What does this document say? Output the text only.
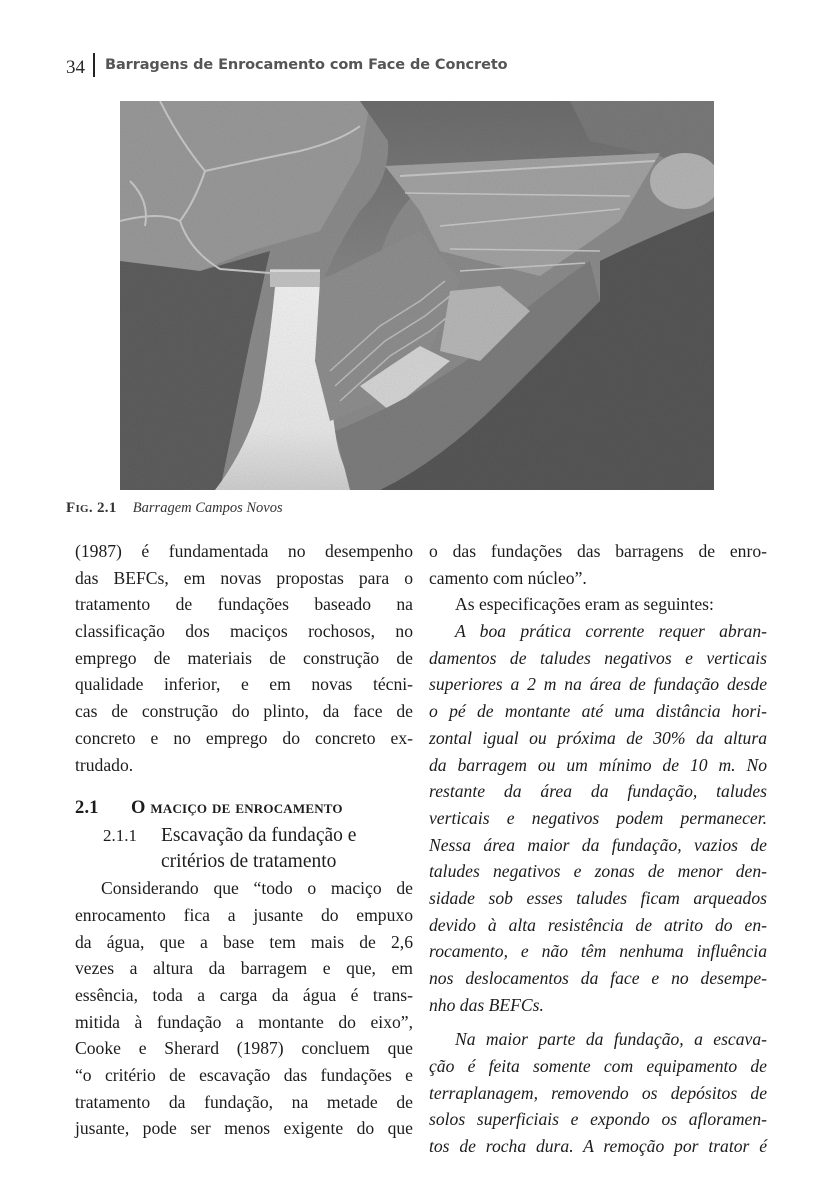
34 Barragens de Enrocamento com Face de Concreto
Fig. 2.1 Barragem Campos Novos
(1987) é fundamentada no desempenho
das BEFCs, em novas propostas para o
tratamento de fundações baseado na
classificação dos maciços rochosos, no
emprego de materiais de construção de
qualidade inferior, e em novas técni-
cas de construção do plinto, da face de
concreto e no emprego do concreto ex-
trudado.
2.1	O maciço de enrocamento
2.1.1 Escavação da fundação e
critérios de tratamento
Considerando que “todo o maciço de
enrocamento fica a jusante do empuxo
da água, que a base tem mais de 2,6
vezes a altura da barragem e que, em
essência, toda a carga da água é trans-
mitida à fundação a montante do eixo”,
Cooke e Sherard (1987) concluem que
“o critério de escavação das fundações e
tratamento da fundação, na metade de
jusante, pode ser menos exigente do que
o das fundações das barragens de enro-
camento com núcleo”.
As especificações eram as seguintes:
A boa prática corrente requer abran-
damentos de taludes negativos e verticais
superiores a 2 m na área de fundação desde
o pé de montante até uma distância hori-
zontal igual ou próxima de 30% da altura
da barragem ou um mínimo de 10 m. No
restante da área da fundação, taludes
verticais e negativos podem permanecer.
Nessa área maior da fundação, vazios de
taludes negativos e zonas de menor den-
sidade sob esses taludes ficam arqueados
devido à alta resistência de atrito do en-
rocamento, e não têm nenhuma influência
nos deslocamentos da face e no desempe-
nho das BEFCs.
Na maior parte da fundação, a escava-
ção é feita somente com equipamento de
terraplanagem, removendo os depósitos de
solos superficiais e expondo os afloramen-
tos de rocha dura. A remoção por trator é
